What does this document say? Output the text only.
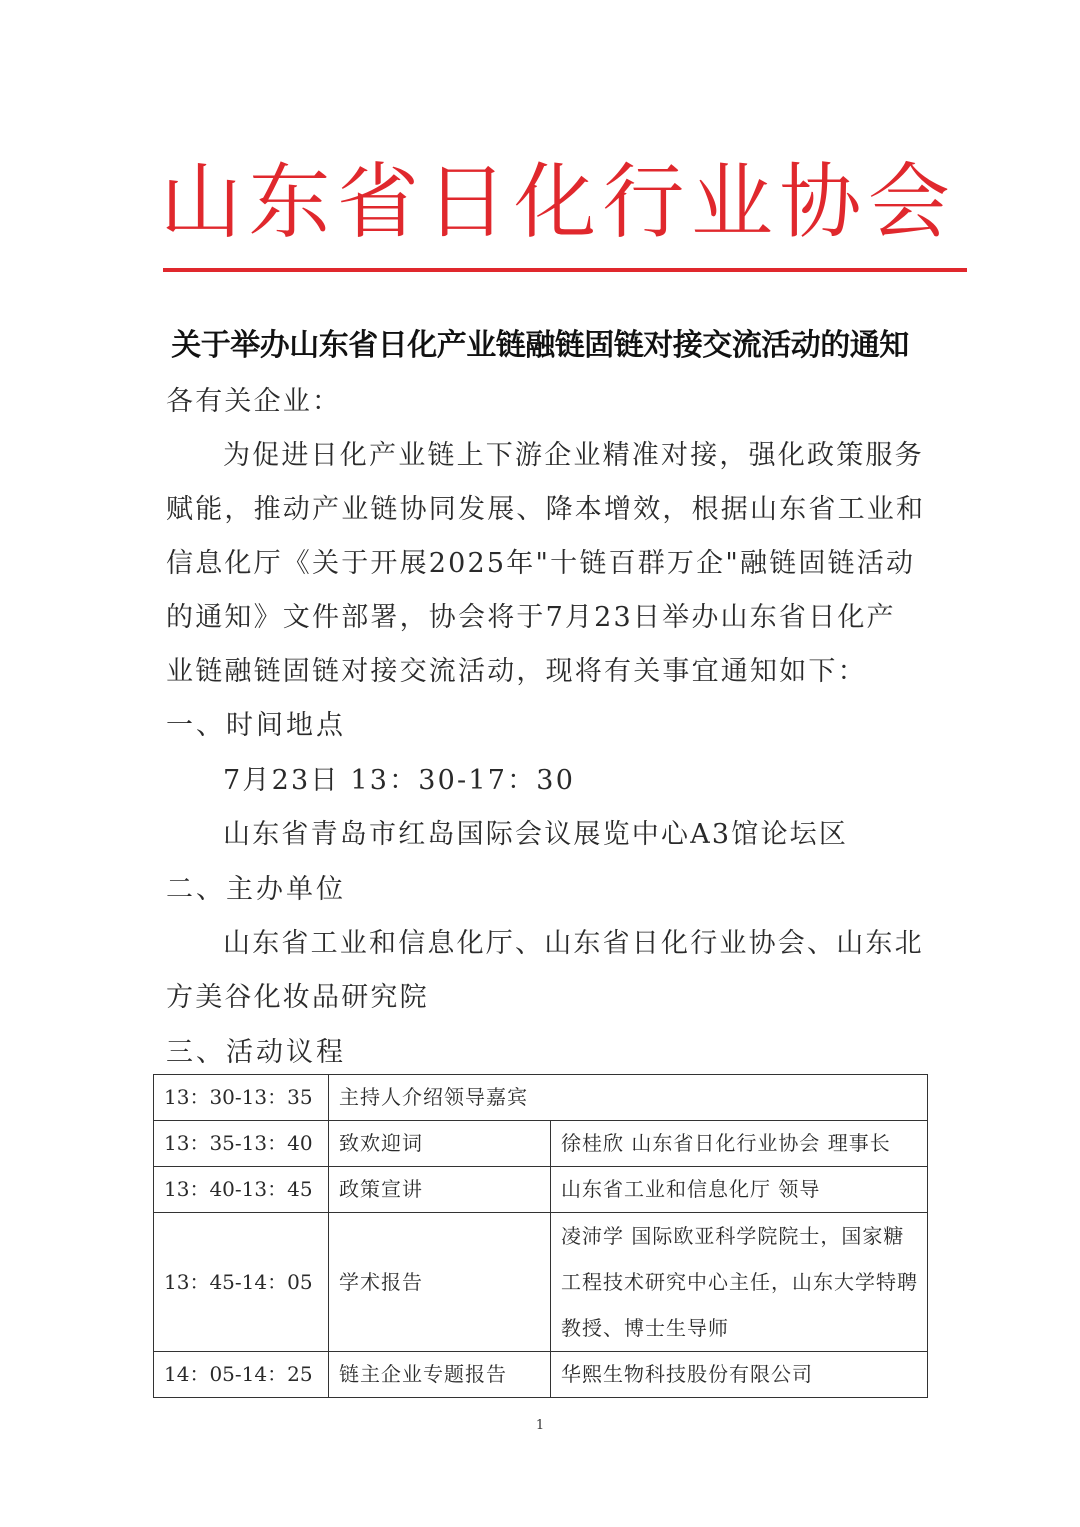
山 东 省 日 化 行 业 协 会
关于举办山东省日化产业链融链固链对接交流活动的通知
各有关企业：
为促进日化产业链上下游企业精准对接，强化政策服务
赋能，推动产业链协同发展、降本增效，根据山东省工业和
信息化厅《关于开展2025年"十链百群万企"融链固链活动
的通知》文件部署，协会将于7月23日举办山东省日化产
业链融链固链对接交流活动，现将有关事宜通知如下：
一、时间地点
7月23日 13：30-17：30
山东省青岛市红岛国际会议展览中心A3馆论坛区
二、主办单位
山东省工业和信息化厅、山东省日化行业协会、山东北
方美谷化妆品研究院
三、活动议程
13：30-13：35	主持人介绍领导嘉宾	
13：35-13：40	致欢迎词	徐桂欣 山东省日化行业协会 理事长
13：40-13：45	政策宣讲	山东省工业和信息化厅 领导
13：45-14：05	学术报告	凌沛学 国际欧亚科学院院士，国家糖工程技术研究中心主任，山东大学特聘教授、博士生导师
14：05-14：25	链主企业专题报告	华熙生物科技股份有限公司
1
